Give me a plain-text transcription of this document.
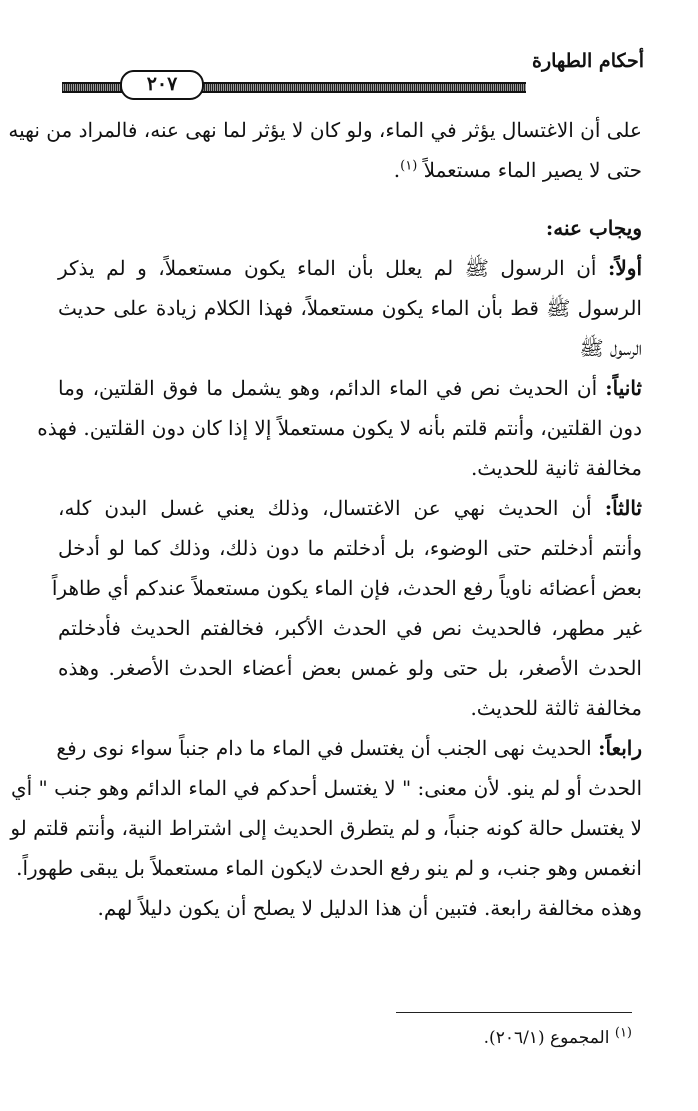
أحكام الطهارة
٢٠٧
على أن الاغتسال يؤثر في الماء، ولو كان لا يؤثر لما نهى عنه، فالمراد من نهيه
حتى لا يصير الماء مستعملاً $^{(١)}$.
ويجاب عنه:
أولاً: أن الرسول ﷺ لم يعلل بأن الماء يكون مستعملاً، و لم يذكر
الرسول ﷺ قط بأن الماء يكون مستعملاً، فهذا الكلام زيادة على حديث
الرسول ﷺ
ثانياً: أن الحديث نص في الماء الدائم، وهو يشمل ما فوق القلتين، وما
دون القلتين، وأنتم قلتم بأنه لا يكون مستعملاً إلا إذا كان دون القلتين. فهذه
مخالفة ثانية للحديث.
ثالثاً: أن الحديث نهي عن الاغتسال، وذلك يعني غسل البدن كله،
وأنتم أدخلتم حتى الوضوء، بل أدخلتم ما دون ذلك، وذلك كما لو أدخل
بعض أعضائه ناوياً رفع الحدث، فإن الماء يكون مستعملاً عندكم أي طاهراً
غير مطهر، فالحديث نص في الحدث الأكبر، فخالفتم الحديث فأدخلتم
الحدث الأصغر، بل حتى ولو غمس بعض أعضاء الحدث الأصغر. وهذه
مخالفة ثالثة للحديث.
رابعاً: الحديث نهى الجنب أن يغتسل في الماء ما دام جنباً سواء نوى رفع
الحدث أو لم ينو. لأن معنى: " لا يغتسل أحدكم في الماء الدائم وهو جنب " أي
لا يغتسل حالة كونه جنباً، و لم يتطرق الحديث إلى اشتراط النية، وأنتم قلتم لو
انغمس وهو جنب، و لم ينو رفع الحدث لايكون الماء مستعملاً بل يبقى طهوراً.
وهذه مخالفة رابعة. فتبين أن هذا الدليل لا يصلح أن يكون دليلاً لهم.
$^{(١)}$ المجموع (٢٠٦/١).
